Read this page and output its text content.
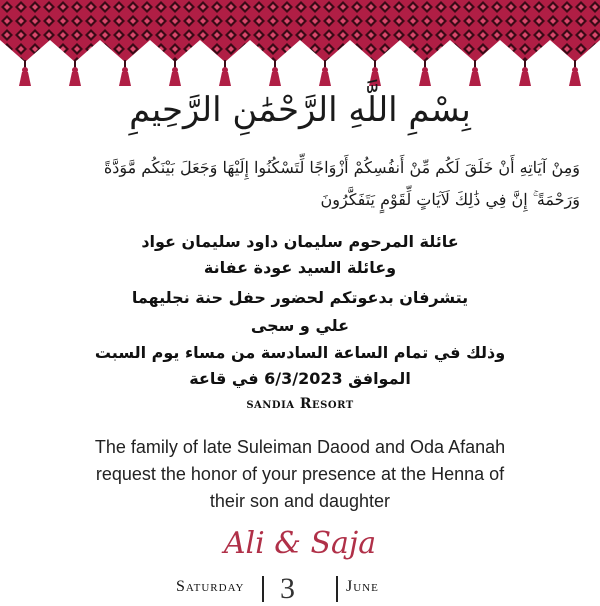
بِسْمِ اللَّهِ الرَّحْمَٰنِ الرَّحِيمِ
وَمِنْ آيَاتِهِ أَنْ خَلَقَ لَكُم مِّنْ أَنفُسِكُمْ أَزْوَاجًا لِّتَسْكُنُوا إِلَيْهَا وَجَعَلَ بَيْنَكُم مَّوَدَّةً
وَرَحْمَةً ۚ إِنَّ فِي ذَٰلِكَ لَآيَاتٍ لِّقَوْمٍ يَتَفَكَّرُونَ
عائلة المرحوم سليمان داود سليمان عواد
وعائلة السيد عودة عفانة
يتشرفان بدعوتكم لحضور حفل حنة نجليهما
علي و سجى
وذلك في تمام الساعة السادسة من مساء يوم السبت
الموافق 6/3/2023 في قاعة
sandia Resort
The family of late Suleiman Daood and Oda Afanah
request the honor of your presence at the Henna of
their son and daughter
Ali & Saja
Saturday 3	June
